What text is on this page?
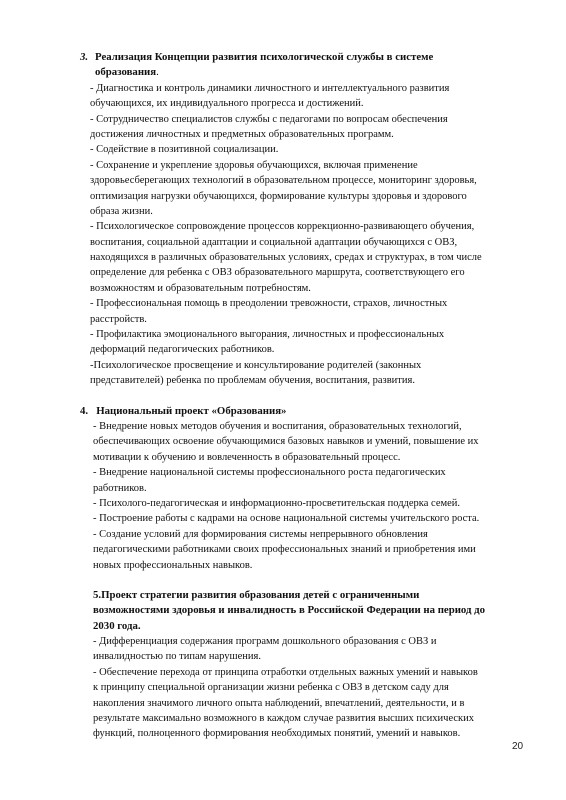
3. Реализация Концепции развития психологической службы в системе
образования.
- Диагностика и контроль динамики личностного и интеллектуального развития
обучающихся, их индивидуального прогресса и достижений.
- Сотрудничество специалистов службы с педагогами по вопросам обеспечения
достижения личностных и предметных образовательных программ.
- Содействие в позитивной социализации.
- Сохранение и укрепление здоровья обучающихся, включая применение
здоровьесберегающих технологий в образовательном процессе, мониторинг здоровья,
оптимизация нагрузки обучающихся, формирование культуры здоровья и здорового
образа жизни.
- Психологическое сопровождение процессов коррекционно-развивающего обучения,
воспитания, социальной адаптации и социальной адаптации обучающихся с ОВЗ,
находящихся в различных образовательных условиях, средах и структурах, в том числе
определение для ребенка с ОВЗ образовательного маршрута, соответствующего его
возможностям и образовательным потребностям.
- Профессиональная помощь в преодолении тревожности, страхов, личностных
расстройств.
- Профилактика эмоционального выгорания, личностных и профессиональных
деформаций педагогических работников.
-Психологическое просвещение и консультирование родителей (законных
представителей) ребенка по проблемам обучения, воспитания, развития.
4.   Национальный проект «Образования»
- Внедрение новых методов обучения и воспитания, образовательных технологий,
обеспечивающих освоение обучающимися базовых навыков и умений, повышение их
мотивации к обучению и вовлеченность в образовательный процесс.
- Внедрение национальной системы профессионального роста педагогических
работников.
- Психолого-педагогическая и информационно-просветительская поддерка семей.
- Построение работы с кадрами на основе национальной системы учительского роста.
- Создание условий для формирования системы непрерывного обновления
педагогическими работниками своих профессиональных знаний и приобретения ими
новых профессиональных навыков.
5.Проект стратегии развития образования детей с ограниченными
возможностями здоровья и инвалидность в Российской Федерации на период до
2030 года.
- Дифференциация содержания программ дошкольного образования с ОВЗ и
инвалидностью по типам нарушения.
- Обеспечение перехода от принципа отработки отдельных важных умений и навыков
к принципу специальной организации жизни ребенка с ОВЗ в детском саду для
накопления значимого личного опыта наблюдений, впечатлений, деятельности, и в
результате максимально возможного в каждом случае развития высших психических
функций, полноценного формирования необходимых понятий, умений и навыков.
20
